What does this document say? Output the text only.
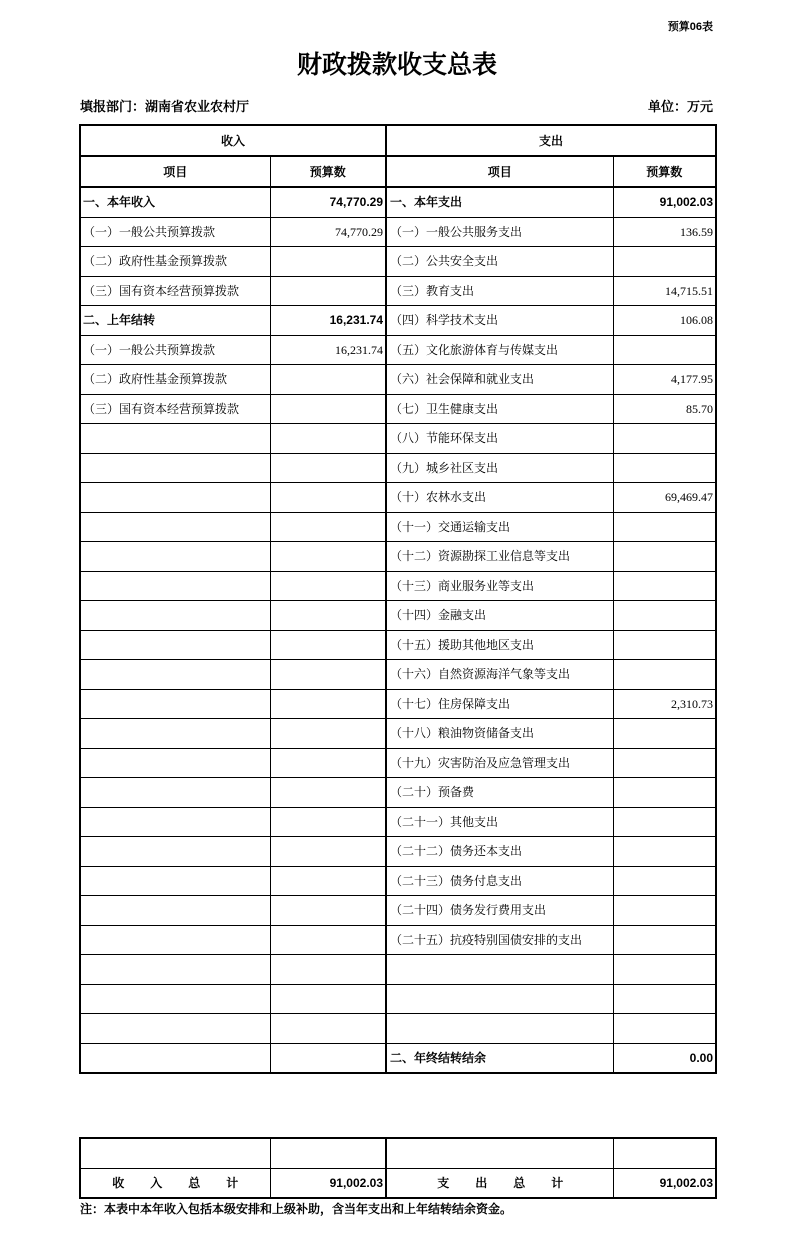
预算06表
财政拨款收支总表
填报部门：湖南省农业农村厅	单位：万元
收入		支出	
项目	预算数	项目	预算数
一、本年收入	74,770.29	一、本年支出	91,002.03
（一）一般公共预算拨款	74,770.29	（一）一般公共服务支出	136.59
（二）政府性基金预算拨款		（二）公共安全支出	
（三）国有资本经营预算拨款		（三）教育支出	14,715.51
二、上年结转	16,231.74	（四）科学技术支出	106.08
（一）一般公共预算拨款	16,231.74	（五）文化旅游体育与传媒支出	
（二）政府性基金预算拨款		（六）社会保障和就业支出	4,177.95
（三）国有资本经营预算拨款		（七）卫生健康支出	85.70
		（八）节能环保支出	
		（九）城乡社区支出	
		（十）农林水支出	69,469.47
		（十一）交通运输支出	
		（十二）资源勘探工业信息等支出	
		（十三）商业服务业等支出	
		（十四）金融支出	
		（十五）援助其他地区支出	
		（十六）自然资源海洋气象等支出	
		（十七）住房保障支出	2,310.73
		（十八）粮油物资储备支出	
		（十九）灾害防治及应急管理支出	
		（二十）预备费	
		（二十一）其他支出	
		（二十二）债务还本支出	
		（二十三）债务付息支出	
		（二十四）债务发行费用支出	
		（二十五）抗疫特别国债安排的支出	

		二、年终结转结余	0.00

收　入　总　计	91,002.03	支　出　总　计	91,002.03
注：本表中本年收入包括本级安排和上级补助，含当年支出和上年结转结余资金。
